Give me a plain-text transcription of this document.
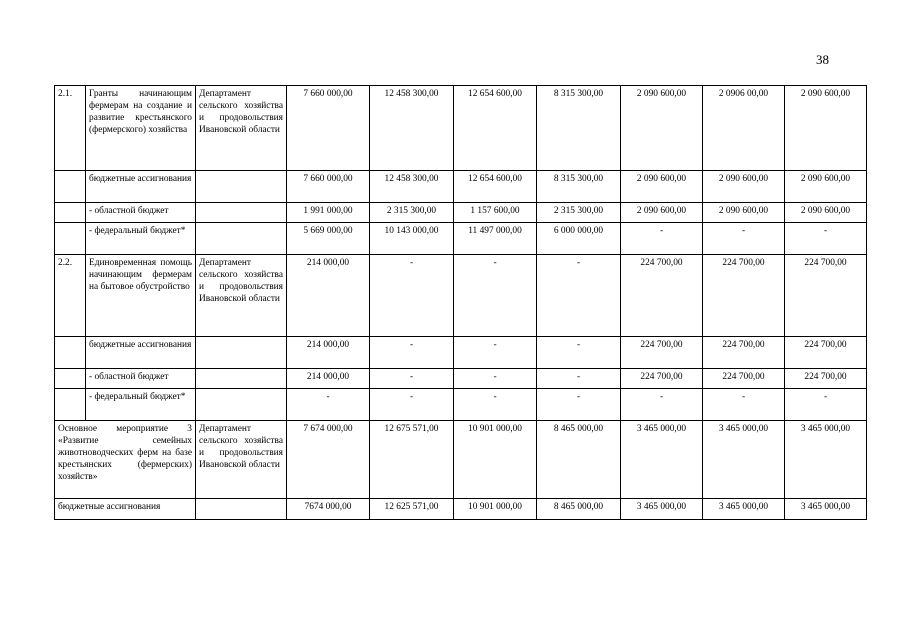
38
2.1.	Гранты начинающим фермерам на создание и развитие крестьянского (фермерского) хозяйства	Департамент сельского хозяйства и продовольствия Ивановской области	7 660 000,00	12 458 300,00	12 654 600,00	8 315 300,00	2 090 600,00	2 0906 00,00	2 090 600,00
	бюджетные ассигнования		7 660 000,00	12 458 300,00	12 654 600,00	8 315 300,00	2 090 600,00	2 090 600,00	2 090 600,00
	- областной бюджет		1 991 000,00	2 315 300,00	1 157 600,00	2 315 300,00	2 090 600,00	2 090 600,00	2 090 600,00
	- федеральный бюджет*		5 669 000,00	10 143 000,00	11 497 000,00	6 000 000,00	-	-	-
2.2.	Единовременная помощь начинающим фермерам на бытовое обустройство	Департамент сельского хозяйства и продовольствия Ивановской области	214 000,00	-	-	-	224 700,00	224 700,00	224 700,00
	бюджетные ассигнования		214 000,00	-	-	-	224 700,00	224 700,00	224 700,00
	- областной бюджет		214 000,00	-	-	-	224 700,00	224 700,00	224 700,00
	- федеральный бюджет*		-	-	-	-	-	-	-
Основное мероприятие 3 «Развитие семейных животноводческих ферм на базе крестьянских (фермерских) хозяйств»		Департамент сельского хозяйства и продовольствия Ивановской области	7 674 000,00	12 675 571,00	10 901 000,00	8 465 000,00	3 465 000,00	3 465 000,00	3 465 000,00
бюджетные ассигнования			7674 000,00	12 625 571,00	10 901 000,00	8 465 000,00	3 465 000,00	3 465 000,00	3 465 000,00
